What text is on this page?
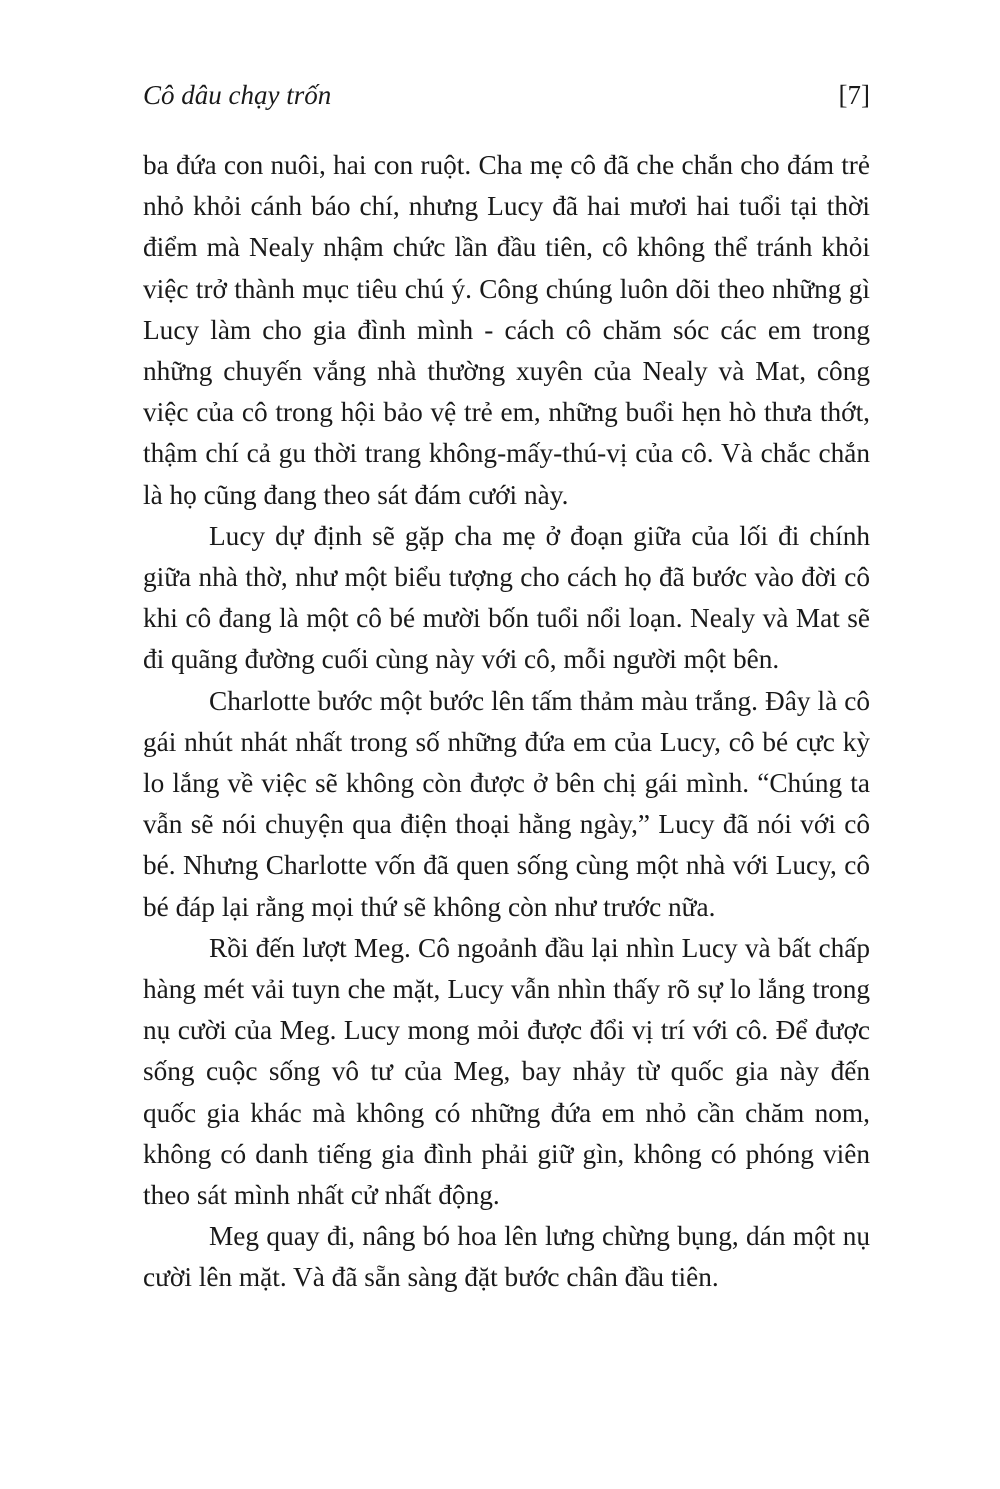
Cô dâu chạy trốn	[7]

ba đứa con nuôi, hai con ruột. Cha mẹ cô đã che chắn cho đám trẻ nhỏ khỏi cánh báo chí, nhưng Lucy đã hai mươi hai tuổi tại thời điểm mà Nealy nhậm chức lần đầu tiên, cô không thể tránh khỏi việc trở thành mục tiêu chú ý. Công chúng luôn dõi theo những gì Lucy làm cho gia đình mình - cách cô chăm sóc các em trong những chuyến vắng nhà thường xuyên của Nealy và Mat, công việc của cô trong hội bảo vệ trẻ em, những buổi hẹn hò thưa thớt, thậm chí cả gu thời trang không-mấy-thú-vị của cô. Và chắc chắn là họ cũng đang theo sát đám cưới này.

Lucy dự định sẽ gặp cha mẹ ở đoạn giữa của lối đi chính giữa nhà thờ, như một biểu tượng cho cách họ đã bước vào đời cô khi cô đang là một cô bé mười bốn tuổi nổi loạn. Nealy và Mat sẽ đi quãng đường cuối cùng này với cô, mỗi người một bên.

Charlotte bước một bước lên tấm thảm màu trắng. Đây là cô gái nhút nhát nhất trong số những đứa em của Lucy, cô bé cực kỳ lo lắng về việc sẽ không còn được ở bên chị gái mình. “Chúng ta vẫn sẽ nói chuyện qua điện thoại hằng ngày,” Lucy đã nói với cô bé. Nhưng Charlotte vốn đã quen sống cùng một nhà với Lucy, cô bé đáp lại rằng mọi thứ sẽ không còn như trước nữa.

Rồi đến lượt Meg. Cô ngoảnh đầu lại nhìn Lucy và bất chấp hàng mét vải tuyn che mặt, Lucy vẫn nhìn thấy rõ sự lo lắng trong nụ cười của Meg. Lucy mong mỏi được đổi vị trí với cô. Để được sống cuộc sống vô tư của Meg, bay nhảy từ quốc gia này đến quốc gia khác mà không có những đứa em nhỏ cần chăm nom, không có danh tiếng gia đình phải giữ gìn, không có phóng viên theo sát mình nhất cử nhất động.

Meg quay đi, nâng bó hoa lên lưng chừng bụng, dán một nụ cười lên mặt. Và đã sẵn sàng đặt bước chân đầu tiên.
